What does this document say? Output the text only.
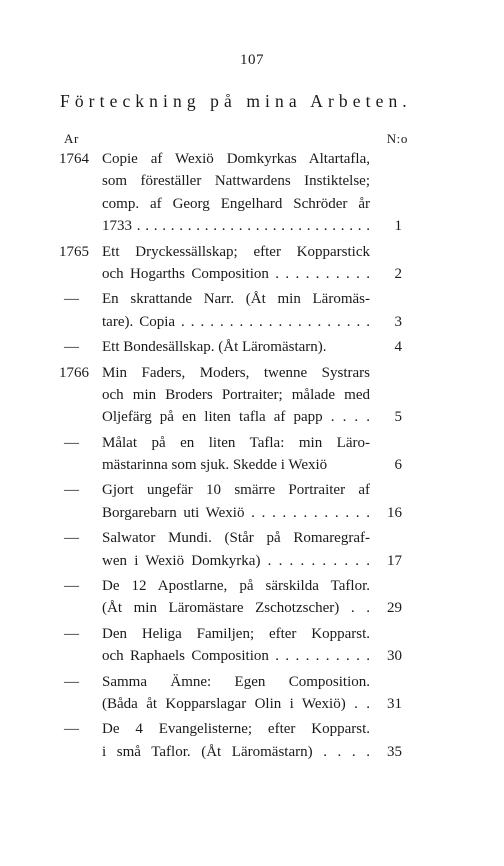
107
Förteckning på mina Arbeten.
Ar	N:o
1764 Copie af Wexiö Domkyrkas Altartafla,
som föreställer Nattwardens Instiktelse;
comp. af Georg Engelhard Schröder år
1733 . . . . . . . . . . . . . . . . . . . . . . . . . . . . 1
1765 Ett Dryckessällskap; efter Kopparstick
och Hogarths Composition . . . . . . . . . . 2
— En skrattande Narr. (Åt min Läromäs-
tare). Copia . . . . . . . . . . . . . . . . . . . . 3
— Ett Bondesällskap. (Åt Läromästarn).	4
1766 Min Faders, Moders, twenne Systrars
och min Broders Portraiter; målade med
Oljefärg på en liten tafla af papp . . . . 5
— Målat på en liten Tafla: min Läro-
mästarinna som sjuk. Skedde i Wexiö	6
— Gjort ungefär 10 smärre Portraiter af
Borgarebarn uti Wexiö . . . . . . . . . . . . 16
— Salwator Mundi. (Står på Romaregraf-
wen i Wexiö Domkyrka) . . . . . . . . . . 17
— De 12 Apostlarne, på särskilda Taflor.
(Åt min Läromästare Zschotzscher) . . 29
— Den Heliga Familjen; efter Kopparst.
och Raphaels Composition . . . . . . . . . . 30
— Samma Ämne: Egen Composition.
(Båda åt Kopparslagar Olin i Wexiö) . . 31
— De 4 Evangelisterne; efter Kopparst.
i små Taflor. (Åt Läromästarn) . . . . 35
